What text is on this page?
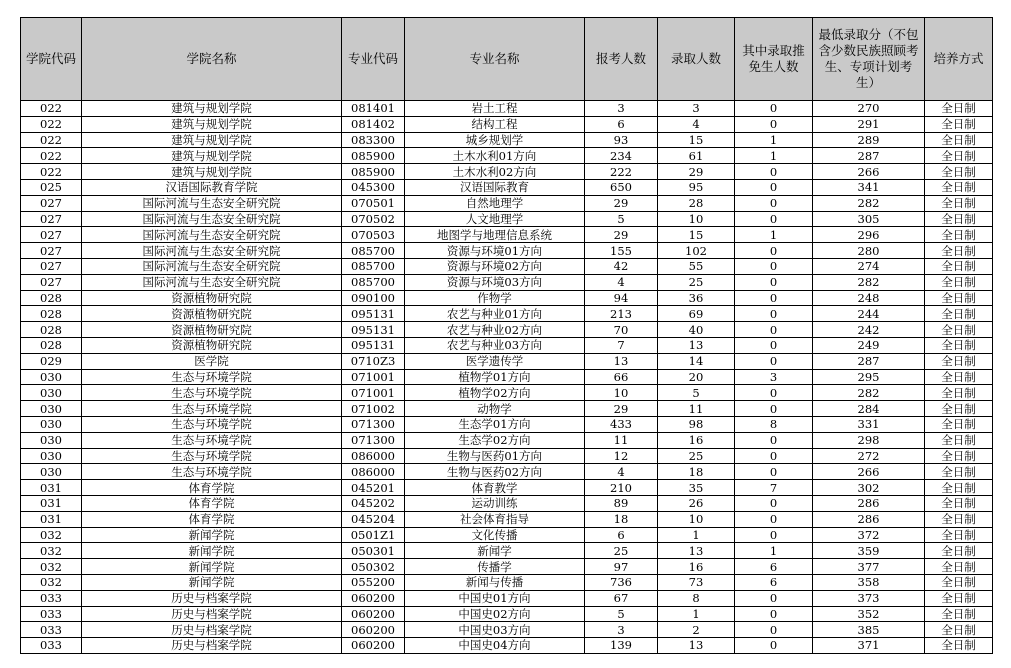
学院代码	学院名称	专业代码	专业名称	报考人数	录取人数	其中录取推免生人数	最低录取分（不包含少数民族照顾考生、专项计划考生）	培养方式
022	建筑与规划学院	081401	岩土工程	3	3	0	270	全日制
022	建筑与规划学院	081402	结构工程	6	4	0	291	全日制
022	建筑与规划学院	083300	城乡规划学	93	15	1	289	全日制
022	建筑与规划学院	085900	土木水利01方向	234	61	1	287	全日制
022	建筑与规划学院	085900	土木水利02方向	222	29	0	266	全日制
025	汉语国际教育学院	045300	汉语国际教育	650	95	0	341	全日制
027	国际河流与生态安全研究院	070501	自然地理学	29	28	0	282	全日制
027	国际河流与生态安全研究院	070502	人文地理学	5	10	0	305	全日制
027	国际河流与生态安全研究院	070503	地图学与地理信息系统	29	15	1	296	全日制
027	国际河流与生态安全研究院	085700	资源与环境01方向	155	102	0	280	全日制
027	国际河流与生态安全研究院	085700	资源与环境02方向	42	55	0	274	全日制
027	国际河流与生态安全研究院	085700	资源与环境03方向	4	25	0	282	全日制
028	资源植物研究院	090100	作物学	94	36	0	248	全日制
028	资源植物研究院	095131	农艺与种业01方向	213	69	0	244	全日制
028	资源植物研究院	095131	农艺与种业02方向	70	40	0	242	全日制
028	资源植物研究院	095131	农艺与种业03方向	7	13	0	249	全日制
029	医学院	0710Z3	医学遗传学	13	14	0	287	全日制
030	生态与环境学院	071001	植物学01方向	66	20	3	295	全日制
030	生态与环境学院	071001	植物学02方向	10	5	0	282	全日制
030	生态与环境学院	071002	动物学	29	11	0	284	全日制
030	生态与环境学院	071300	生态学01方向	433	98	8	331	全日制
030	生态与环境学院	071300	生态学02方向	11	16	0	298	全日制
030	生态与环境学院	086000	生物与医药01方向	12	25	0	272	全日制
030	生态与环境学院	086000	生物与医药02方向	4	18	0	266	全日制
031	体育学院	045201	体育教学	210	35	7	302	全日制
031	体育学院	045202	运动训练	89	26	0	286	全日制
031	体育学院	045204	社会体育指导	18	10	0	286	全日制
032	新闻学院	0501Z1	文化传播	6	1	0	372	全日制
032	新闻学院	050301	新闻学	25	13	1	359	全日制
032	新闻学院	050302	传播学	97	16	6	377	全日制
032	新闻学院	055200	新闻与传播	736	73	6	358	全日制
033	历史与档案学院	060200	中国史01方向	67	8	0	373	全日制
033	历史与档案学院	060200	中国史02方向	5	1	0	352	全日制
033	历史与档案学院	060200	中国史03方向	3	2	0	385	全日制
033	历史与档案学院	060200	中国史04方向	139	13	0	371	全日制
